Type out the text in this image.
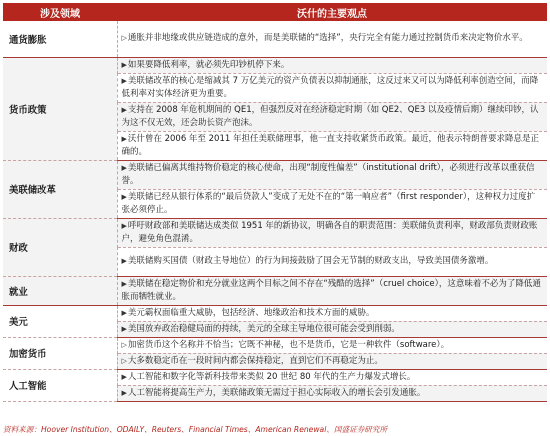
涉及领域	沃什的主要观点
通货膨胀	▷通胀并非地缘或供应链造成的意外，而是美联储的“选择”，央行完全有能力通过控制货币来决定物价水平。
货币政策	▶如果要降低利率，就必须先印钞机停下来。
	▶美联储改革的核心是缩减其 7 万亿美元的资产负债表以抑制通胀，这反过来又可以为降低利率创造空间，而降低利率对实体经济更为重要。
	▶支持在 2008 年危机期间的 QE1，但强烈反对在经济稳定时期（如 QE2、QE3 以及疫情后期）继续印钞，认为这不仅无效，还会助长资产泡沫。
	▶沃什曾在 2006 年至 2011 年担任美联储理事，他一直支持收紧货币政策。最近，他表示特朗普要求降息是正确的。
美联储改革	▶美联储已偏离其维持物价稳定的核心使命，出现“制度性偏差”（institutional drift），必须进行改革以重获信誉。
	▶美联储已经从银行体系的“最后贷款人”变成了无处不在的“第一响应者”（first responder），这种权力过度扩张必须停止。
财政	▶呼吁财政部和美联储达成类似 1951 年的新协议，明确各自的职责范围：美联储负责利率，财政部负责财政账户，避免角色混淆。
	▶美联储购买国债（财政主导地位）的行为间接鼓励了国会无节制的财政支出，导致美国债务激增。
就业	▶美联储在稳定物价和充分就业这两个目标之间不存在“残酷的选择”（cruel choice），这意味着不必为了降低通胀而牺牲就业。
美元	▶美元霸权面临重大威胁，包括经济、地缘政治和技术方面的威胁。
	▶美国放弃政治稳健局面的持续，美元的全球主导地位很可能会受到削弱。
加密货币	▷加密货币这个名称并不恰当；它既不神秘，也不是货币，它是一种软件（software）。
	▷大多数稳定币在一段时间内都会保持稳定，直到它们不再稳定为止。
人工智能	▶人工智能和数字化等新科技带来类似 20 世纪 80 年代的生产力爆发式增长。
	▶人工智能将提高生产力，美联储政策无需过于担心实际收入的增长会引发通胀。
资料来源：Hoover Institution、ODAILY、Reuters、Financial Times、American Renewal、国盛证券研究所
